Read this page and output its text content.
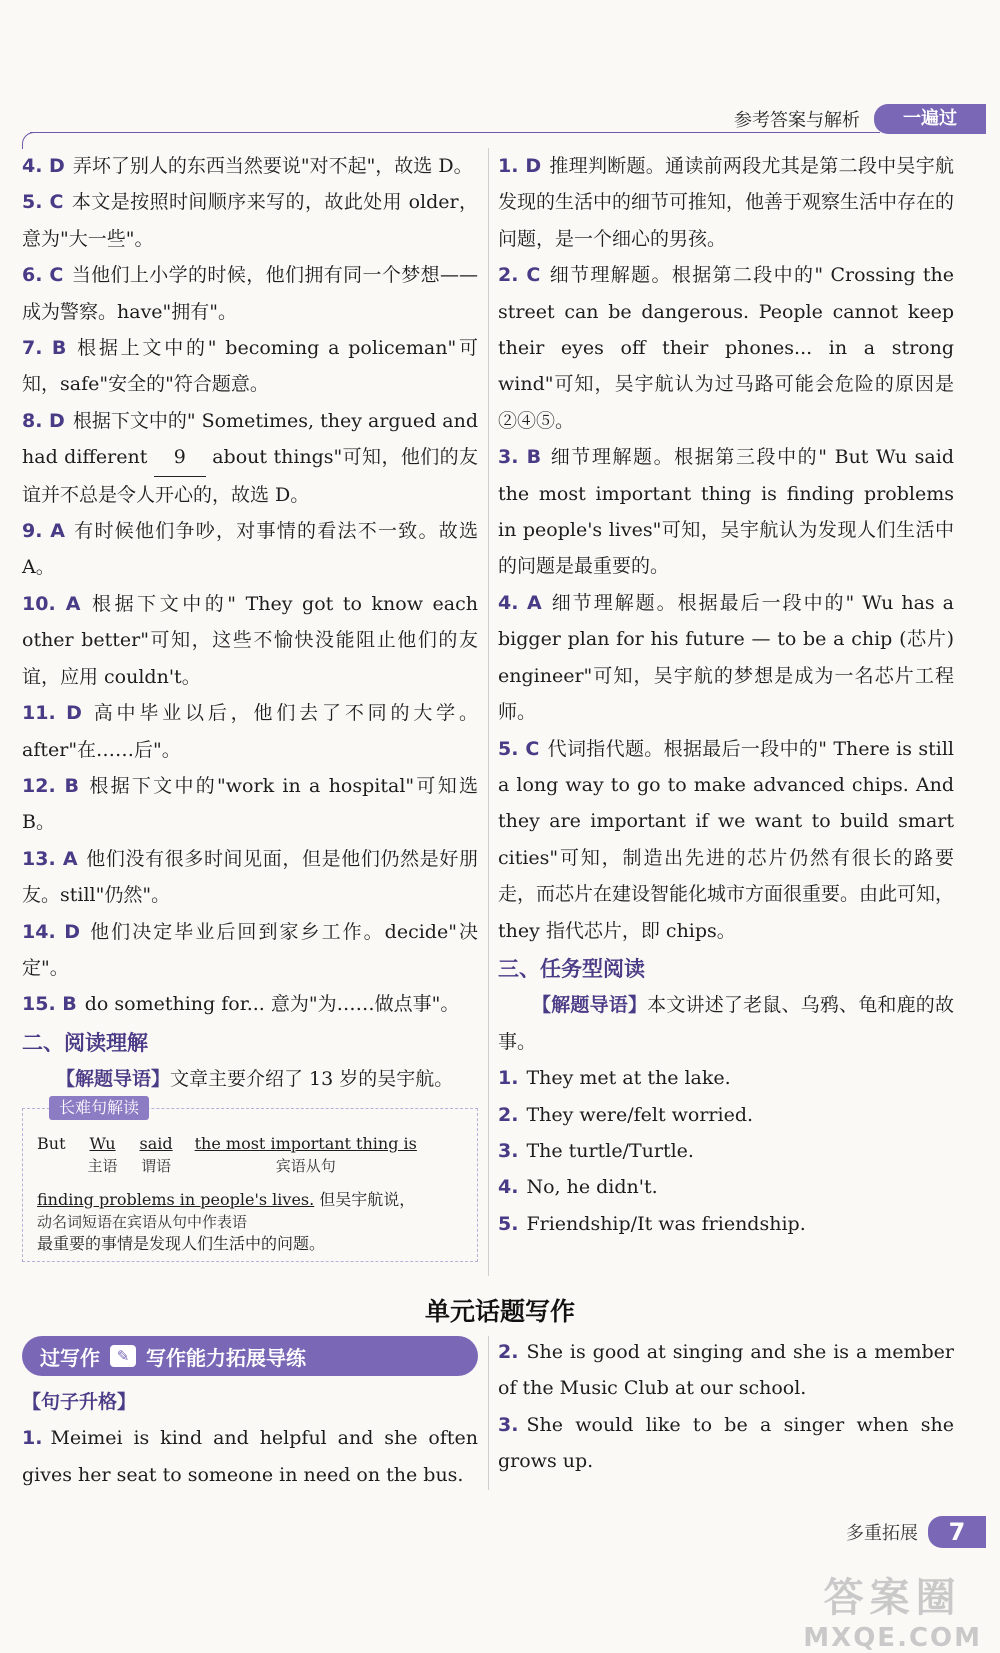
参考答案与解析	一遍过

4. D 弄坏了别人的东西当然要说"对不起"，故选 D。

5. C 本文是按照时间顺序来写的，故此处用 older，意为"大一些"。

6. C 当他们上小学的时候，他们拥有同一个梦想——成为警察。have"拥有"。

7. B 根据上文中的" becoming a policeman"可知，safe"安全的"符合题意。

8. D 根据下文中的" Sometimes, they argued and had different 9 about things"可知，他们的友谊并不总是令人开心的，故选 D。

9. A 有时候他们争吵，对事情的看法不一致。故选 A。

10. A 根据下文中的" They got to know each other better"可知，这些不愉快没能阻止他们的友谊，应用 couldn't。

11. D 高中毕业以后，他们去了不同的大学。after"在……后"。

12. B 根据下文中的"work in a hospital"可知选 B。

13. A 他们没有很多时间见面，但是他们仍然是好朋友。still"仍然"。

14. D 他们决定毕业后回到家乡工作。decide"决定"。

15. B do something for... 意为"为……做点事"。

二、阅读理解

【解题导语】文章主要介绍了 13 岁的吴宇航。

长难句解读
But Wu
主语
said
谓语
the most important thing is
宾语从句
finding problems in people's lives. 但吴宇航说，
动名词短语在宾语从句中作表语
最重要的事情是发现人们生活中的问题。

1. D 推理判断题。通读前两段尤其是第二段中吴宇航发现的生活中的细节可推知，他善于观察生活中存在的问题，是一个细心的男孩。

2. C 细节理解题。根据第二段中的" Crossing the street can be dangerous. People cannot keep their eyes off their phones... in a strong wind"可知，吴宇航认为过马路可能会危险的原因是②④⑤。

3. B 细节理解题。根据第三段中的" But Wu said the most important thing is finding problems in people's lives"可知，吴宇航认为发现人们生活中的问题是最重要的。

4. A 细节理解题。根据最后一段中的" Wu has a bigger plan for his future — to be a chip (芯片) engineer"可知，吴宇航的梦想是成为一名芯片工程师。

5. C 代词指代题。根据最后一段中的" There is still a long way to go to make advanced chips. And they are important if we want to build smart cities"可知，制造出先进的芯片仍然有很长的路要走，而芯片在建设智能化城市方面很重要。由此可知，they 指代芯片，即 chips。

三、任务型阅读

【解题导语】本文讲述了老鼠、乌鸦、龟和鹿的故事。

1. They met at the lake.

2. They were/felt worried.

3. The turtle/Turtle.

4. No, he didn't.

5. Friendship/It was friendship.

单元话题写作
过写作	✎ 写作能力拓展导练

【句子升格】

1. Meimei is kind and helpful and she often gives her seat to someone in need on the bus.

2. She is good at singing and she is a member of the Music Club at our school.

3. She would like to be a singer when she grows up.

多重拓展	7
答案圈
MXQE.COM
